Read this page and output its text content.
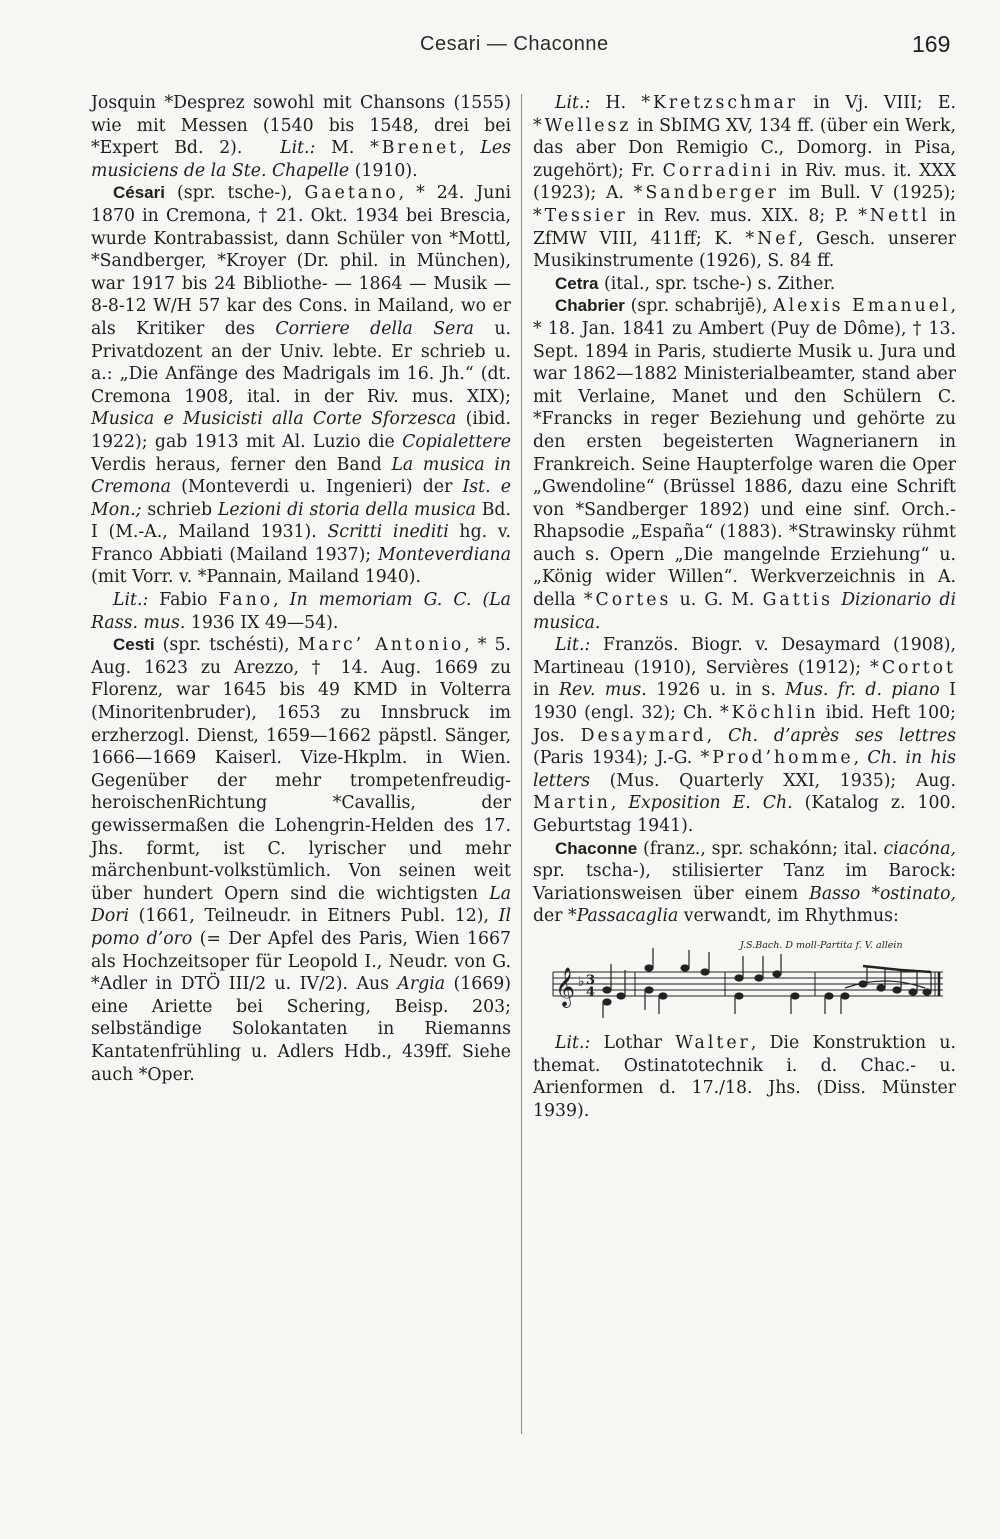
Cesari — Chaconne	169

Josquin *Desprez sowohl mit Chansons (1555) wie mit Messen (1540 bis 1548, drei bei *Expert Bd. 2). Lit.: M. *Brenet, Les musiciens de la Ste. Chapelle (1910).

Césari (spr. tsche-), Gaetano, * 24. Juni 1870 in Cremona, † 21. Okt. 1934 bei Brescia, wurde Kontrabassist, dann Schüler von *Mottl, *Sandberger, *Kroyer (Dr. phil. in München), war 1917 bis 24 Bibliothe- — 1864 — Musik — 8-8-12 W/H 57 kar des Cons. in Mailand, wo er als Kritiker des Corriere della Sera u. Privatdozent an der Univ. lebte. Er schrieb u. a.: „Die Anfänge des Madrigals im 16. Jh.“ (dt. Cremona 1908, ital. in der Riv. mus. XIX); Musica e Musicisti alla Corte Sforzesca (ibid. 1922); gab 1913 mit Al. Luzio die Copialettere Verdis heraus, ferner den Band La musica in Cremona (Monteverdi u. Ingenieri) der Ist. e Mon.; schrieb Lezioni di storia della musica Bd. I (M.-A., Mailand 1931). Scritti inediti hg. v. Franco Abbiati (Mailand 1937); Monteverdiana (mit Vorr. v. *Pannain, Mailand 1940).
Lit.: Fabio Fano, In memoriam G. C. (La Rass. mus. 1936 IX 49—54).

Cesti (spr. tschésti), Marc’ Antonio, * 5. Aug. 1623 zu Arezzo, † 14. Aug. 1669 zu Florenz, war 1645 bis 49 KMD in Volterra (Minoritenbruder), 1653 zu Innsbruck im erzherzogl. Dienst, 1659—1662 päpstl. Sänger, 1666—1669 Kaiserl. Vize-Hkplm. in Wien. Gegenüber der mehr trompetenfreudig-heroischenRichtung *Cavallis, der gewissermaßen die Lohengrin-Helden des 17. Jhs. formt, ist C. lyrischer und mehr märchenbunt-volkstümlich. Von seinen weit über hundert Opern sind die wichtigsten La Dori (1661, Teilneudr. in Eitners Publ. 12), Il pomo d’oro (= Der Apfel des Paris, Wien 1667 als Hochzeitsoper für Leopold I., Neudr. von G. *Adler in DTÖ III/2 u. IV/2). Aus Argia (1669) eine Ariette bei Schering, Beisp. 203; selbständige Solokantaten in Riemanns Kantatenfrühling u. Adlers Hdb., 439ff. Siehe auch *Oper.

Lit.: H. *Kretzschmar in Vj. VIII; E. *Wellesz in SbIMG XV, 134 ff. (über ein Werk, das aber Don Remigio C., Domorg. in Pisa, zugehört); Fr. Corradini in Riv. mus. it. XXX (1923); A. *Sandberger im Bull. V (1925); *Tessier in Rev. mus. XIX. 8; P. *Nettl in ZfMW VIII, 411ff; K. *Nef, Gesch. unserer Musikinstrumente (1926), S. 84 ff.

Cetra (ital., spr. tsche-) s. Zither.

Chabrier (spr. schabrijē), Alexis Emanuel, * 18. Jan. 1841 zu Ambert (Puy de Dôme), † 13. Sept. 1894 in Paris, studierte Musik u. Jura und war 1862—1882 Ministerialbeamter, stand aber mit Verlaine, Manet und den Schülern C. *Francks in reger Beziehung und gehörte zu den ersten begeisterten Wagnerianern in Frankreich. Seine Haupterfolge waren die Oper „Gwendoline“ (Brüssel 1886, dazu eine Schrift von *Sandberger 1892) und eine sinf. Orch.-Rhapsodie „España“ (1883). *Strawinsky rühmt auch s. Opern „Die mangelnde Erziehung“ u. „König wider Willen“. Werkverzeichnis in A. della *Cortes u. G. M. Gattis Dizionario di musica.
Lit.: Französ. Biogr. v. Desaymard (1908), Martineau (1910), Servières (1912); *Cortot in Rev. mus. 1926 u. in s. Mus. fr. d. piano I 1930 (engl. 32); Ch. *Köchlin ibid. Heft 100; Jos. Desaymard, Ch. d’après ses lettres (Paris 1934); J.-G. *Prod’homme, Ch. in his letters (Mus. Quarterly XXI, 1935); Aug. Martin, Exposition E. Ch. (Katalog z. 100. Geburtstag 1941).

Chaconne (franz., spr. schakónn; ital. ciacóna, spr. tscha-), stilisierter Tanz im Barock: Variationsweisen über einem Basso *ostinato, der *Passacaglia verwandt, im Rhythmus:

J.S.Bach. D moll-Partita f. V. allein
𝄞 ♭ 3
4

Lit.: Lothar Walter, Die Konstruktion u. themat. Ostinatotechnik i. d. Chac.- u. Arienformen d. 17./18. Jhs. (Diss. Münster 1939).
